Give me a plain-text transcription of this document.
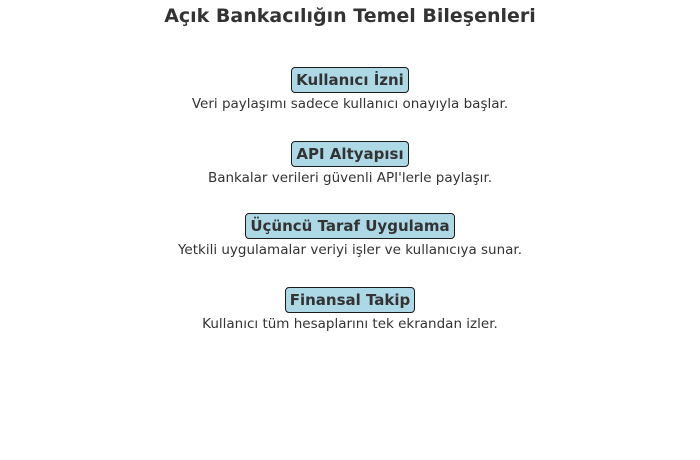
Açık Bankacılığın Temel Bileşenleri
Kullanıcı İzni
Veri paylaşımı sadece kullanıcı onayıyla başlar.
API Altyapısı
Bankalar verileri güvenli API'lerle paylaşır.
Üçüncü Taraf Uygulama
Yetkili uygulamalar veriyi işler ve kullanıcıya sunar.
Finansal Takip
Kullanıcı tüm hesaplarını tek ekrandan izler.
